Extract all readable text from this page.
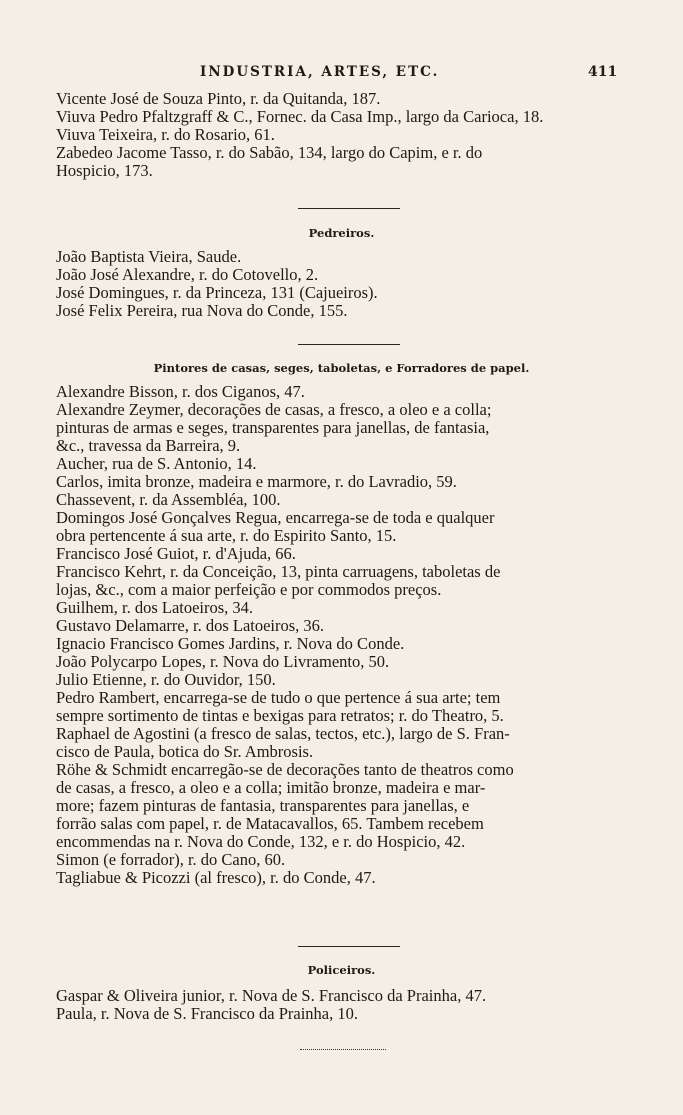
INDUSTRIA, ARTES, ETC.	411

Vicente José de Souza Pinto, r. da Quitanda, 187.

Viuva Pedro Pfaltzgraff & C., Fornec. da Casa Imp., largo da Carioca, 18.

Viuva Teixeira, r. do Rosario, 61.

Zabedeo Jacome Tasso, r. do Sabão, 134, largo do Capim, e r. do
Hospicio, 173.

Pedreiros.

João Baptista Vieira, Saude.

João José Alexandre, r. do Cotovello, 2.

José Domingues, r. da Princeza, 131 (Cajueiros).

José Felix Pereira, rua Nova do Conde, 155.

Pintores de casas, seges, taboletas, e Forradores de papel.

Alexandre Bisson, r. dos Ciganos, 47.

Alexandre Zeymer, decorações de casas, a fresco, a oleo e a colla;
pinturas de armas e seges, transparentes para janellas, de fantasia,
&c., travessa da Barreira, 9.

Aucher, rua de S. Antonio, 14.

Carlos, imita bronze, madeira e marmore, r. do Lavradio, 59.

Chassevent, r. da Assembléa, 100.

Domingos José Gonçalves Regua, encarrega-se de toda e qualquer
obra pertencente á sua arte, r. do Espirito Santo, 15.

Francisco José Guiot, r. d'Ajuda, 66.

Francisco Kehrt, r. da Conceição, 13, pinta carruagens, taboletas de
lojas, &c., com a maior perfeição e por commodos preços.

Guilhem, r. dos Latoeiros, 34.

Gustavo Delamarre, r. dos Latoeiros, 36.

Ignacio Francisco Gomes Jardins, r. Nova do Conde.

João Polycarpo Lopes, r. Nova do Livramento, 50.

Julio Etienne, r. do Ouvidor, 150.

Pedro Rambert, encarrega-se de tudo o que pertence á sua arte; tem
sempre sortimento de tintas e bexigas para retratos; r. do Theatro, 5.

Raphael de Agostini (a fresco de salas, tectos, etc.), largo de S. Fran-
cisco de Paula, botica do Sr. Ambrosis.

Röhe & Schmidt encarregão-se de decorações tanto de theatros como
de casas, a fresco, a oleo e a colla; imitão bronze, madeira e mar-
more; fazem pinturas de fantasia, transparentes para janellas, e
forrão salas com papel, r. de Matacavallos, 65. Tambem recebem
encommendas na r. Nova do Conde, 132, e r. do Hospicio, 42.

Simon (e forrador), r. do Cano, 60.

Tagliabue & Picozzi (al fresco), r. do Conde, 47.

Policeiros.

Gaspar & Oliveira junior, r. Nova de S. Francisco da Prainha, 47.

Paula, r. Nova de S. Francisco da Prainha, 10.
